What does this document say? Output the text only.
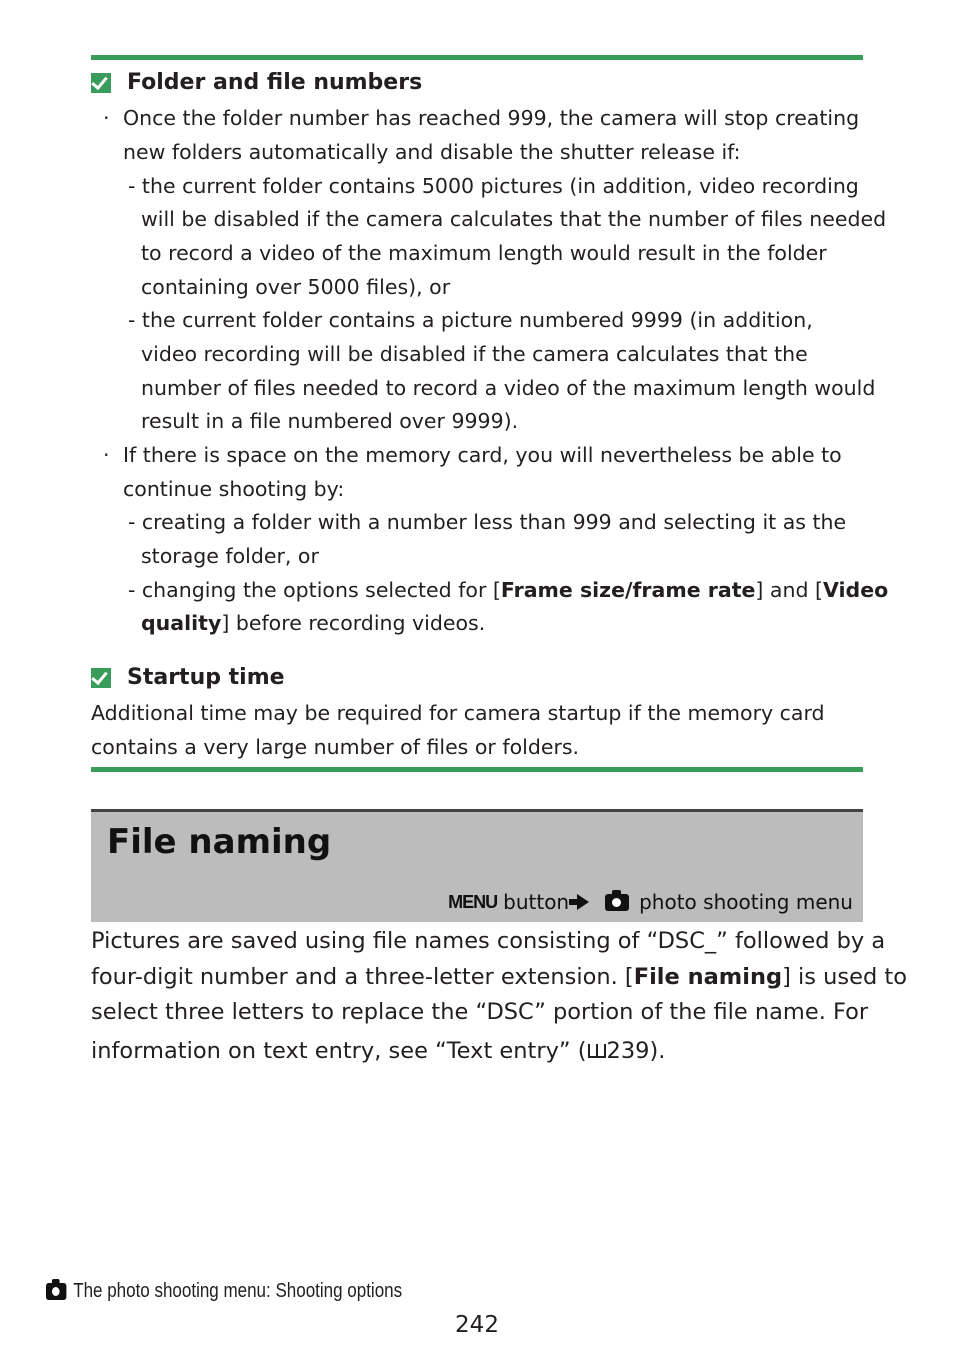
Folder and file numbers
· Once the folder number has reached 999, the camera will stop creating
new folders automatically and disable the shutter release if:
- the current folder contains 5000 pictures (in addition, video recording
will be disabled if the camera calculates that the number of files needed
to record a video of the maximum length would result in the folder
containing over 5000 files), or
- the current folder contains a picture numbered 9999 (in addition,
video recording will be disabled if the camera calculates that the
number of files needed to record a video of the maximum length would
result in a file numbered over 9999).
· If there is space on the memory card, you will nevertheless be able to
continue shooting by:
- creating a folder with a number less than 999 and selecting it as the
storage folder, or
- changing the options selected for [Frame size/frame rate] and [Video
quality] before recording videos.
Startup time
Additional time may be required for camera startup if the memory card
contains a very large number of files or folders.
File naming
MENU button	photo shooting menu
Pictures are saved using file names consisting of “DSC_” followed by a
four-digit number and a three-letter extension. [File naming] is used to
select three letters to replace the “DSC” portion of the file name. For
information on text entry, see “Text entry” ( 239).
The photo shooting menu: Shooting options
242
